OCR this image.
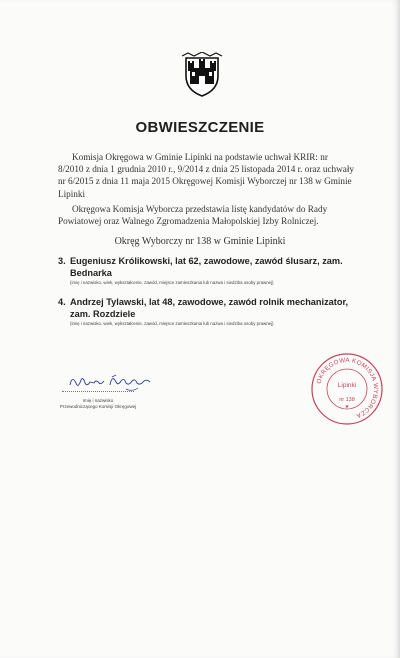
OBWIESZCZENIE
Komisja Okręgowa w Gminie Lipinki na podstawie uchwał KRIR: nr 8/2010 z dnia 1 grudnia 2010 r., 9/2014 z dnia 25 listopada 2014 r. oraz uchwały nr 6/2015 z dnia 11 maja 2015 Okręgowej Komisji Wyborczej nr 138 w Gminie Lipinki
Okręgowa Komisja Wyborcza przedstawia listę kandydatów do Rady Powiatowej oraz Walnego Zgromadzenia Małopolskiej Izby Rolniczej.
Okręg Wyborczy nr 138 w Gminie Lipinki
3. Eugeniusz Królikowski, lat 62, zawodowe, zawód ślusarz, zam. Bednarka
(imię i nazwisko, wiek, wykształcenie, zawód, miejsce zamieszkania lub nazwa i siedziba osoby prawnej)
4. Andrzej Tylawski, lat 48, zawodowe, zawód rolnik mechanizator, zam. Rozdziele
(imię i nazwisko, wiek, wykształcenie, zawód, miejsce zamieszkania lub nazwa i siedziba osoby prawnej)
Imię i nazwisko
Przewodniczącego Komisji Okręgowej
OKRĘGOWA KOMISJA WYBORCZA
nr 138
★
Lipinki
